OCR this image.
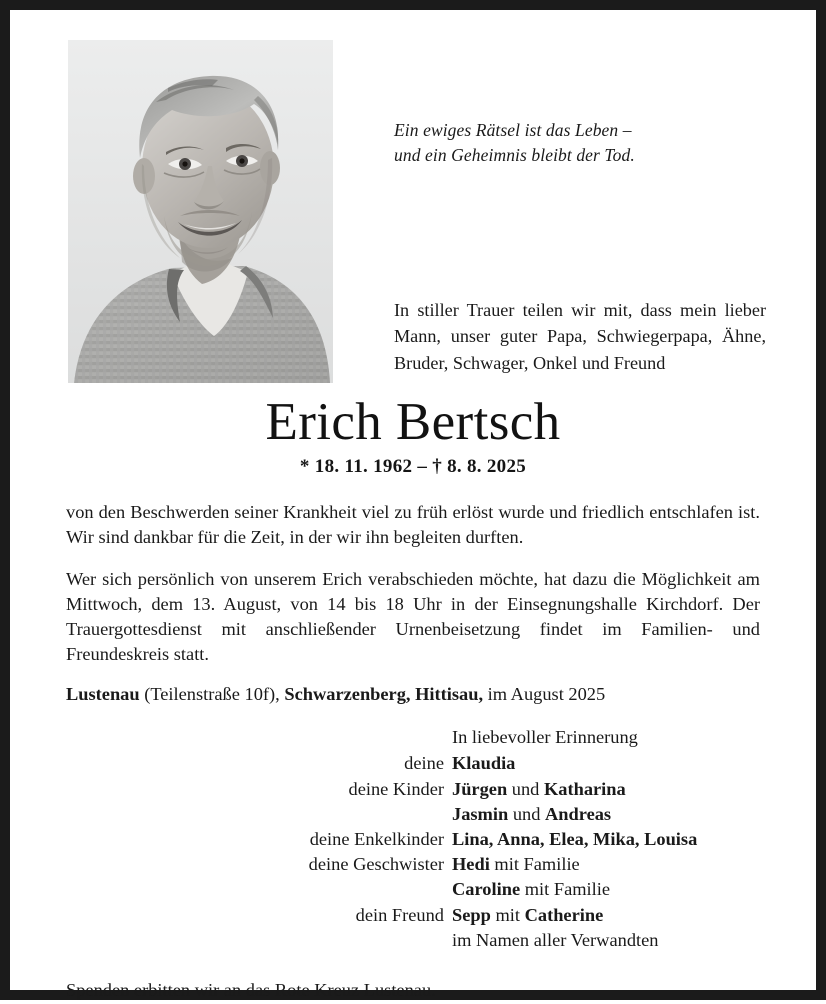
Ein ewiges Rätsel ist das Leben –
und ein Geheimnis bleibt der Tod.
In stiller Trauer teilen wir mit, dass mein lieber Mann, unser guter Papa, Schwiegerpapa, Ähne, Bruder, Schwager, Onkel und Freund
Erich Bertsch
* 18. 11. 1962 – † 8. 8. 2025

von den Beschwerden seiner Krankheit viel zu früh erlöst wurde und friedlich entschlafen ist. Wir sind dankbar für die Zeit, in der wir ihn begleiten durften.

Wer sich persönlich von unserem Erich verabschieden möchte, hat dazu die Möglichkeit am Mittwoch, dem 13. August, von 14 bis 18 Uhr in der Einsegnungshalle Kirchdorf. Der Trauergottesdienst mit anschließender Urnenbeisetzung findet im Familien- und Freundeskreis statt.

Lustenau (Teilenstraße 10f), Schwarzenberg, Hittisau, im August 2025

In liebevoller Erinnerung
deine Klaudia
deine Kinder Jürgen und Katharina
Jasmin und Andreas
deine Enkelkinder Lina, Anna, Elea, Mika, Louisa
deine Geschwister Hedi mit Familie
Caroline mit Familie
dein Freund Sepp mit Catherine
im Namen aller Verwandten
Spenden erbitten wir an das Rote Kreuz Lustenau.
